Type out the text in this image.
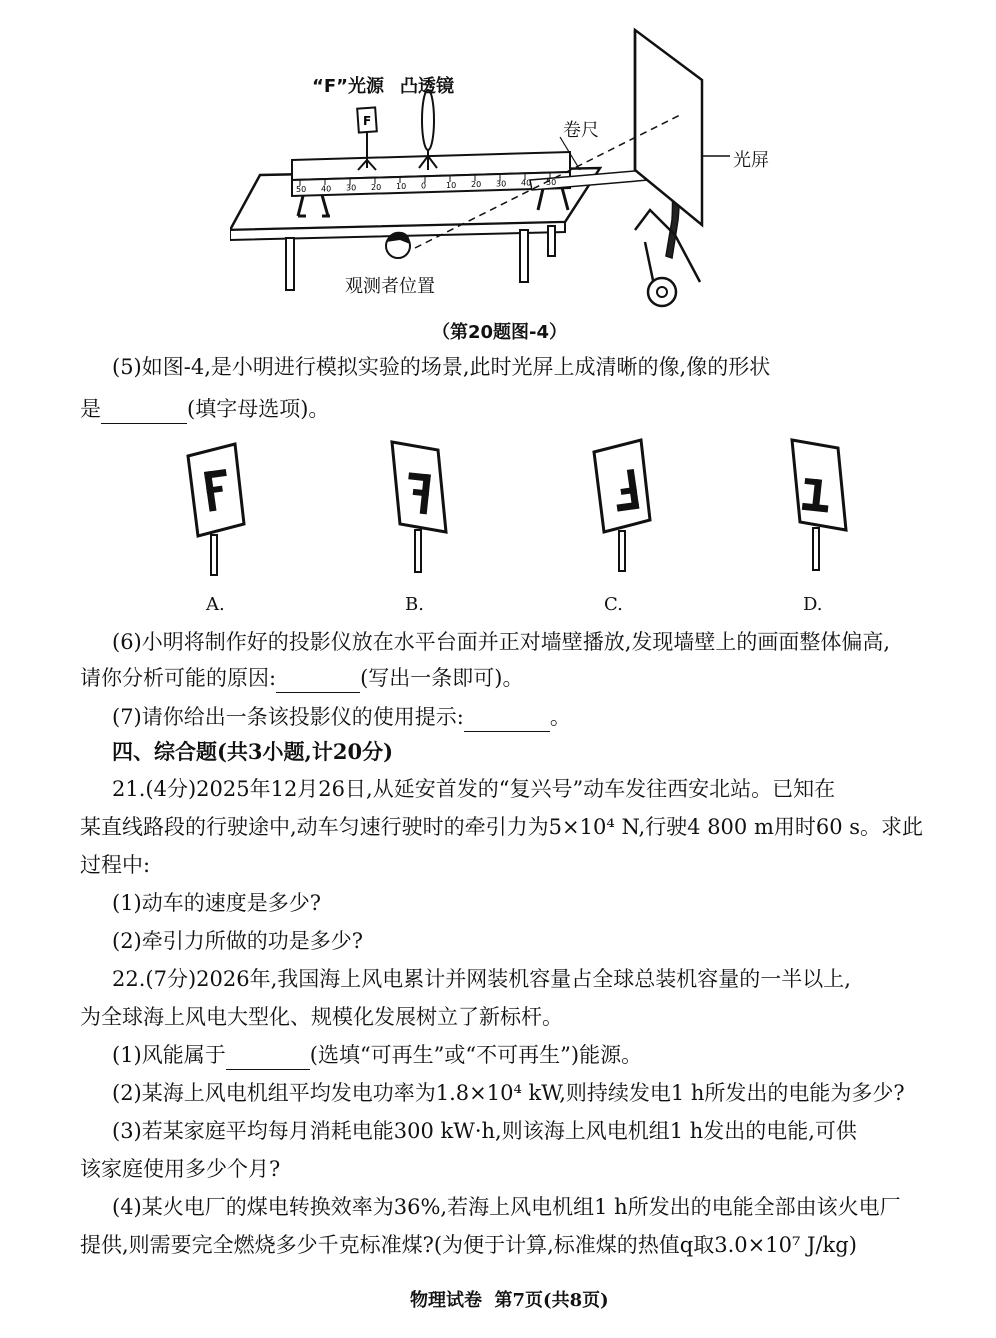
F
50 40 30 20 10 0 10 20 30 40 50
“F”光源 凸透镜
卷尺
光屏
观测者位置
（第20题图-4）
(5)如图-4,是小明进行模拟实验的场景,此时光屏上成清晰的像,像的形状
是	(填字母选项)。
A.	B.	C.	D.
(6)小明将制作好的投影仪放在水平台面并正对墙壁播放,发现墙壁上的画面整体偏高,
请你分析可能的原因:	(写出一条即可)。
(7)请你给出一条该投影仪的使用提示:	。
四、综合题(共3小题,计20分)
21.(4分)2025年12月26日,从延安首发的“复兴号”动车发往西安北站。已知在
某直线路段的行驶途中,动车匀速行驶时的牵引力为5×10⁴ N,行驶4 800 m用时60 s。求此
过程中:
(1)动车的速度是多少?
(2)牵引力所做的功是多少?
22.(7分)2026年,我国海上风电累计并网装机容量占全球总装机容量的一半以上,
为全球海上风电大型化、规模化发展树立了新标杆。
(1)风能属于	(选填“可再生”或“不可再生”)能源。
(2)某海上风电机组平均发电功率为1.8×10⁴ kW,则持续发电1 h所发出的电能为多少?
(3)若某家庭平均每月消耗电能300 kW·h,则该海上风电机组1 h发出的电能,可供
该家庭使用多少个月?
(4)某火电厂的煤电转换效率为36%,若海上风电机组1 h所发出的电能全部由该火电厂
提供,则需要完全燃烧多少千克标准煤?(为便于计算,标准煤的热值q取3.0×10⁷ J/kg)
物理试卷  第7页(共8页)
